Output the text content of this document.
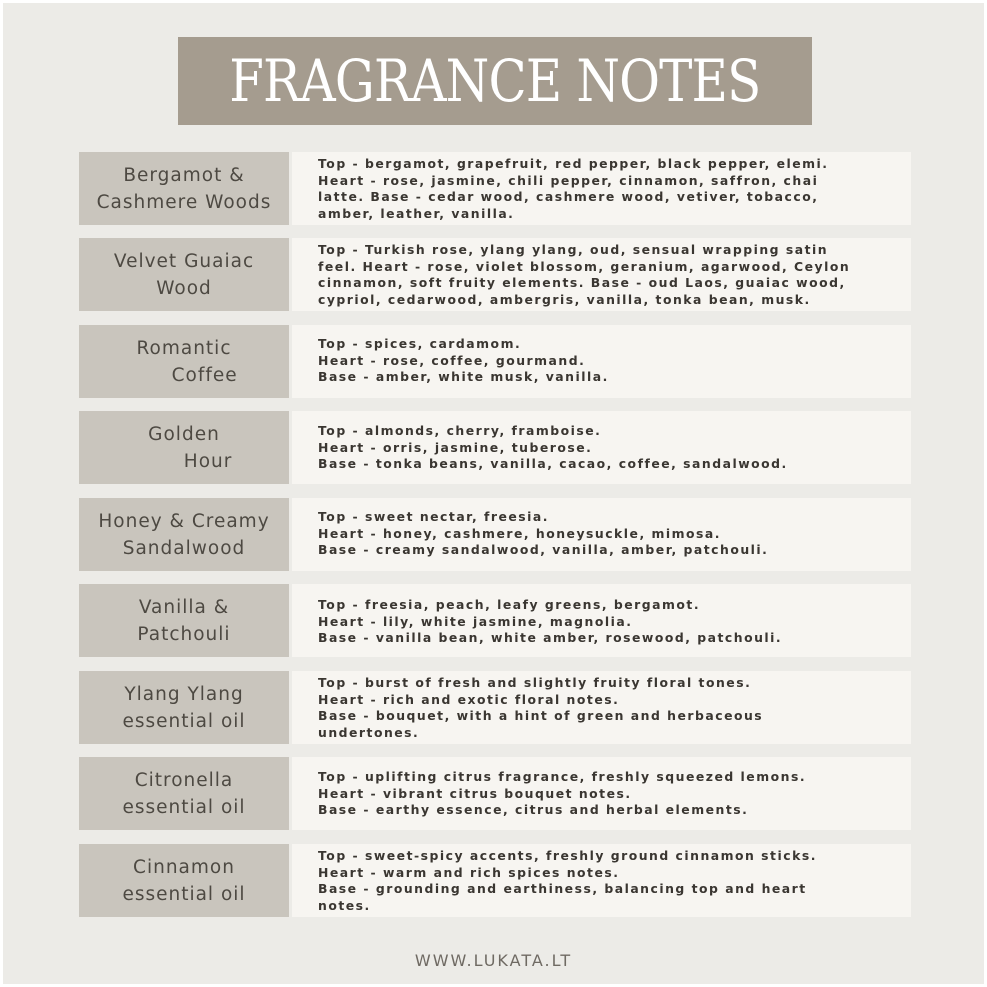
FRAGRANCE NOTES
Bergamot &
Cashmere Woods
Top - bergamot, grapefruit, red pepper, black pepper, elemi.
Heart - rose, jasmine, chili pepper, cinnamon, saffron, chai
latte. Base - cedar wood, cashmere wood, vetiver, tobacco,
amber, leather, vanilla.
Velvet Guaiac
Wood
Top - Turkish rose, ylang ylang, oud, sensual wrapping satin
feel. Heart - rose, violet blossom, geranium, agarwood, Ceylon
cinnamon, soft fruity elements. Base - oud Laos, guaiac wood,
cypriol, cedarwood, ambergris, vanilla, tonka bean, musk.
Romantic
Coffee
Top - spices, cardamom.
Heart - rose, coffee, gourmand.
Base - amber, white musk, vanilla.
Golden
Hour
Top - almonds, cherry, framboise.
Heart - orris, jasmine, tuberose.
Base - tonka beans, vanilla, cacao, coffee, sandalwood.
Honey & Creamy
Sandalwood
Top - sweet nectar, freesia.
Heart - honey, cashmere, honeysuckle, mimosa.
Base - creamy sandalwood, vanilla, amber, patchouli.
Vanilla &
Patchouli
Top - freesia, peach, leafy greens, bergamot.
Heart - lily, white jasmine, magnolia.
Base - vanilla bean, white amber, rosewood, patchouli.
Ylang Ylang
essential oil
Top - burst of fresh and slightly fruity floral tones.
Heart - rich and exotic floral notes.
Base - bouquet, with a hint of green and herbaceous
undertones.
Citronella
essential oil
Top - uplifting citrus fragrance, freshly squeezed lemons.
Heart - vibrant citrus bouquet notes.
Base - earthy essence, citrus and herbal elements.
Cinnamon
essential oil
Top - sweet-spicy accents, freshly ground cinnamon sticks.
Heart - warm and rich spices notes.
Base - grounding and earthiness, balancing top and heart
notes.
WWW.LUKATA.LT
